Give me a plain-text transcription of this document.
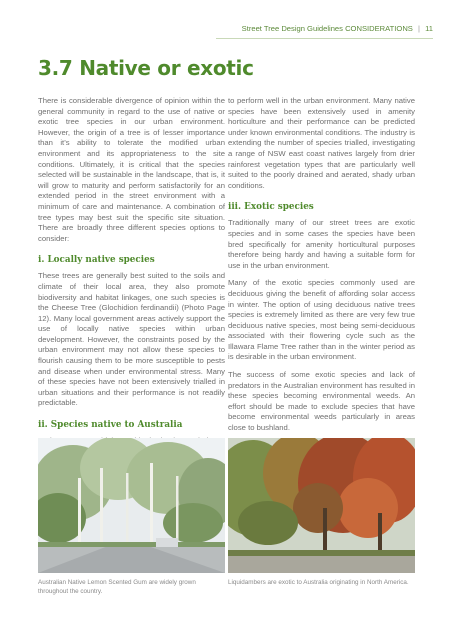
Street Tree Design Guidelines CONSIDERATIONS | 11
3.7 Native or exotic

There is considerable divergence of opinion within the general community in regard to the use of native or exotic tree species in our urban environment. However, the origin of a tree is of lesser importance than it’s ability to tolerate the modified urban environment and its appropriateness to the site conditions. Ultimately, it is critical that the species selected will be sustainable in the landscape, that is, it will grow to maturity and perform satisfactorily for an extended period in the street environment with a minimum of care and maintenance. A combination of tree types may best suit the specific site situation. There are broadly three different species options to consider:

i. Locally native species

These trees are generally best suited to the soils and climate of their local area, they also promote biodiversity and habitat linkages, one such species is the Cheese Tree (Glochidion ferdinandii) (Photo Page 12). Many local government areas actively support the use of locally native species within urban development. However, the constraints posed by the urban environment may not allow these species to flourish causing them to be more susceptible to pests and disease when under environmental stress. Many of these species have not been extensively trialled in urban situations and their performance is not readily predictable.

ii. Species native to Australia

to perform well in the urban environment. Many native species have been extensively used in amenity horticulture and their performance can be predicted under known environmental conditions. The industry is extending the number of species trialled, investigating a range of NSW east coast natives largely from drier rainforest vegetation types that are particularly well suited to the poorly drained and aerated, shady urban conditions.

iii. Exotic species

Traditionally many of our street trees are exotic species and in some cases the species have been bred specifically for amenity horticultural purposes therefore being hardy and having a suitable form for use in the urban environment.

Many of the exotic species commonly used are deciduous giving the benefit of affording solar access in winter. The option of using deciduous native trees species is extremely limited as there are very few true deciduous native species, most being semi-deciduous associated with their flowering cycle such as the Illawara Flame Tree rather than in the winter period as is desirable in the urban environment.

The success of some exotic species and lack of predators in the Australian environment has resulted in these species becoming environmental weeds. An effort should be made to exclude species that have become environmental weeds particularly in areas close to bushland.

Australian Native Lemon Scented Gum are widely grown throughout the country.
Liquidambers are exotic to Australia originating in North America.
